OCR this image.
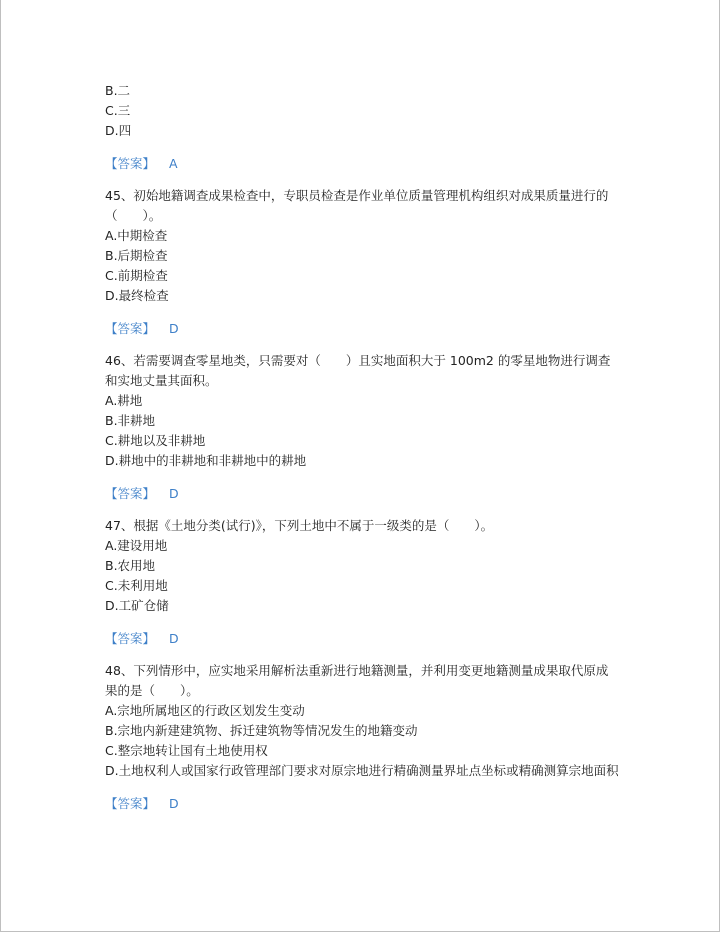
B.二
C.三
D.四
【答案】 A
45、初始地籍调查成果检查中，专职员检查是作业单位质量管理机构组织对成果质量进行的（　　）。
A.中期检查
B.后期检查
C.前期检查
D.最终检查
【答案】 D
46、若需要调查零星地类，只需要对（　　）且实地面积大于 100m2 的零星地物进行调查和实地丈量其面积。
A.耕地
B.非耕地
C.耕地以及非耕地
D.耕地中的非耕地和非耕地中的耕地
【答案】 D
47、根据《土地分类(试行)》，下列土地中不属于一级类的是（　　）。
A.建设用地
B.农用地
C.未利用地
D.工矿仓储
【答案】 D
48、下列情形中，应实地采用解析法重新进行地籍测量，并利用变更地籍测量成果取代原成果的是（　　）。
A.宗地所属地区的行政区划发生变动
B.宗地内新建建筑物、拆迁建筑物等情况发生的地籍变动
C.整宗地转让国有土地使用权
D.土地权利人或国家行政管理部门要求对原宗地进行精确测量界址点坐标或精确测算宗地面积
【答案】 D
